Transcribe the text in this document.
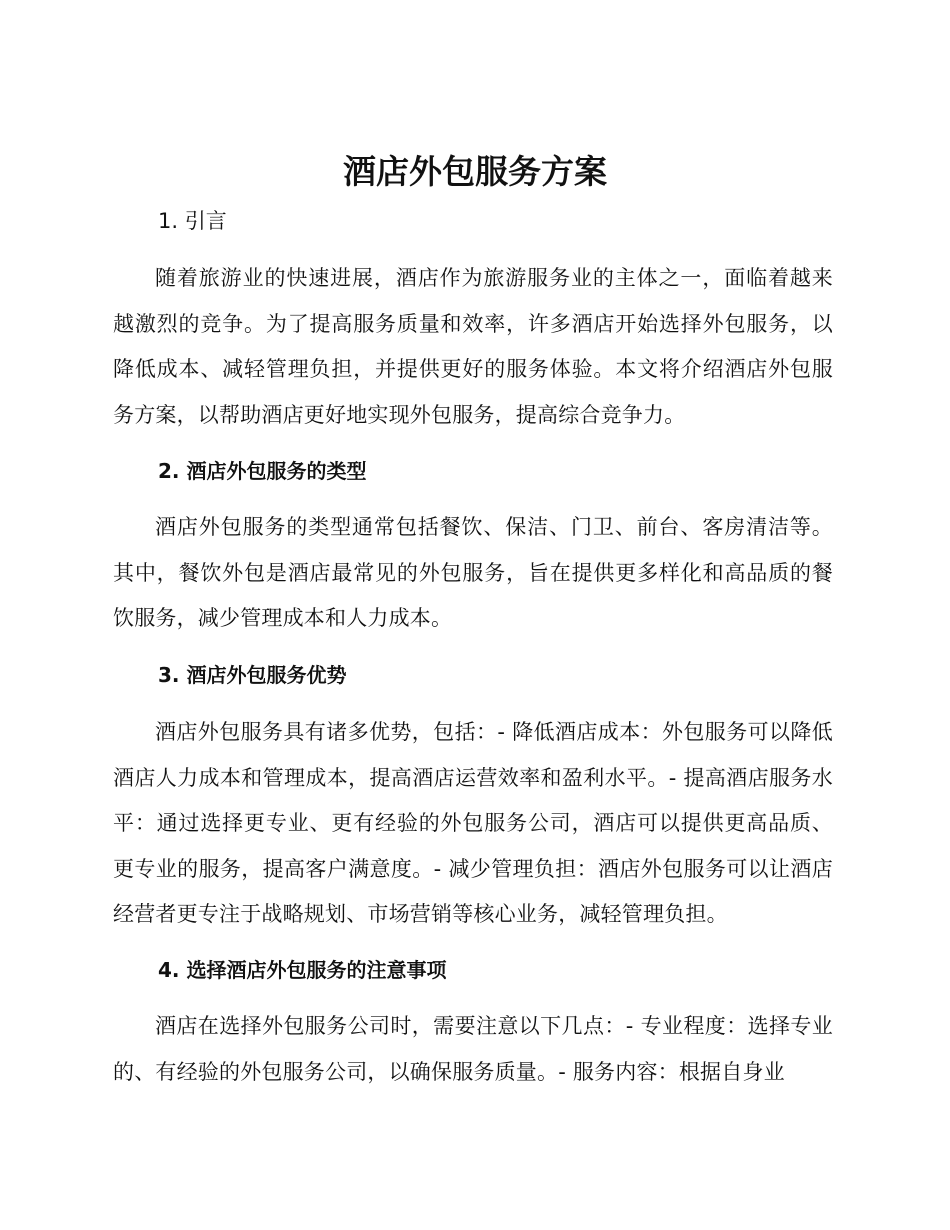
酒店外包服务方案
1. 引言

随着旅游业的快速进展，酒店作为旅游服务业的主体之一，面临着越来越激烈的竞争。为了提高服务质量和效率，许多酒店开始选择外包服务，以降低成本、减轻管理负担，并提供更好的服务体验。本文将介绍酒店外包服务方案，以帮助酒店更好地实现外包服务，提高综合竞争力。

2. 酒店外包服务的类型

酒店外包服务的类型通常包括餐饮、保洁、门卫、前台、客房清洁等。其中，餐饮外包是酒店最常见的外包服务，旨在提供更多样化和高品质的餐饮服务，减少管理成本和人力成本。

3. 酒店外包服务优势

酒店外包服务具有诸多优势，包括：- 降低酒店成本：外包服务可以降低酒店人力成本和管理成本，提高酒店运营效率和盈利水平。- 提高酒店服务水平：通过选择更专业、更有经验的外包服务公司，酒店可以提供更高品质、更专业的服务，提高客户满意度。- 减少管理负担：酒店外包服务可以让酒店经营者更专注于战略规划、市场营销等核心业务，减轻管理负担。

4. 选择酒店外包服务的注意事项

酒店在选择外包服务公司时，需要注意以下几点：- 专业程度：选择专业的、有经验的外包服务公司，以确保服务质量。- 服务内容：根据自身业
